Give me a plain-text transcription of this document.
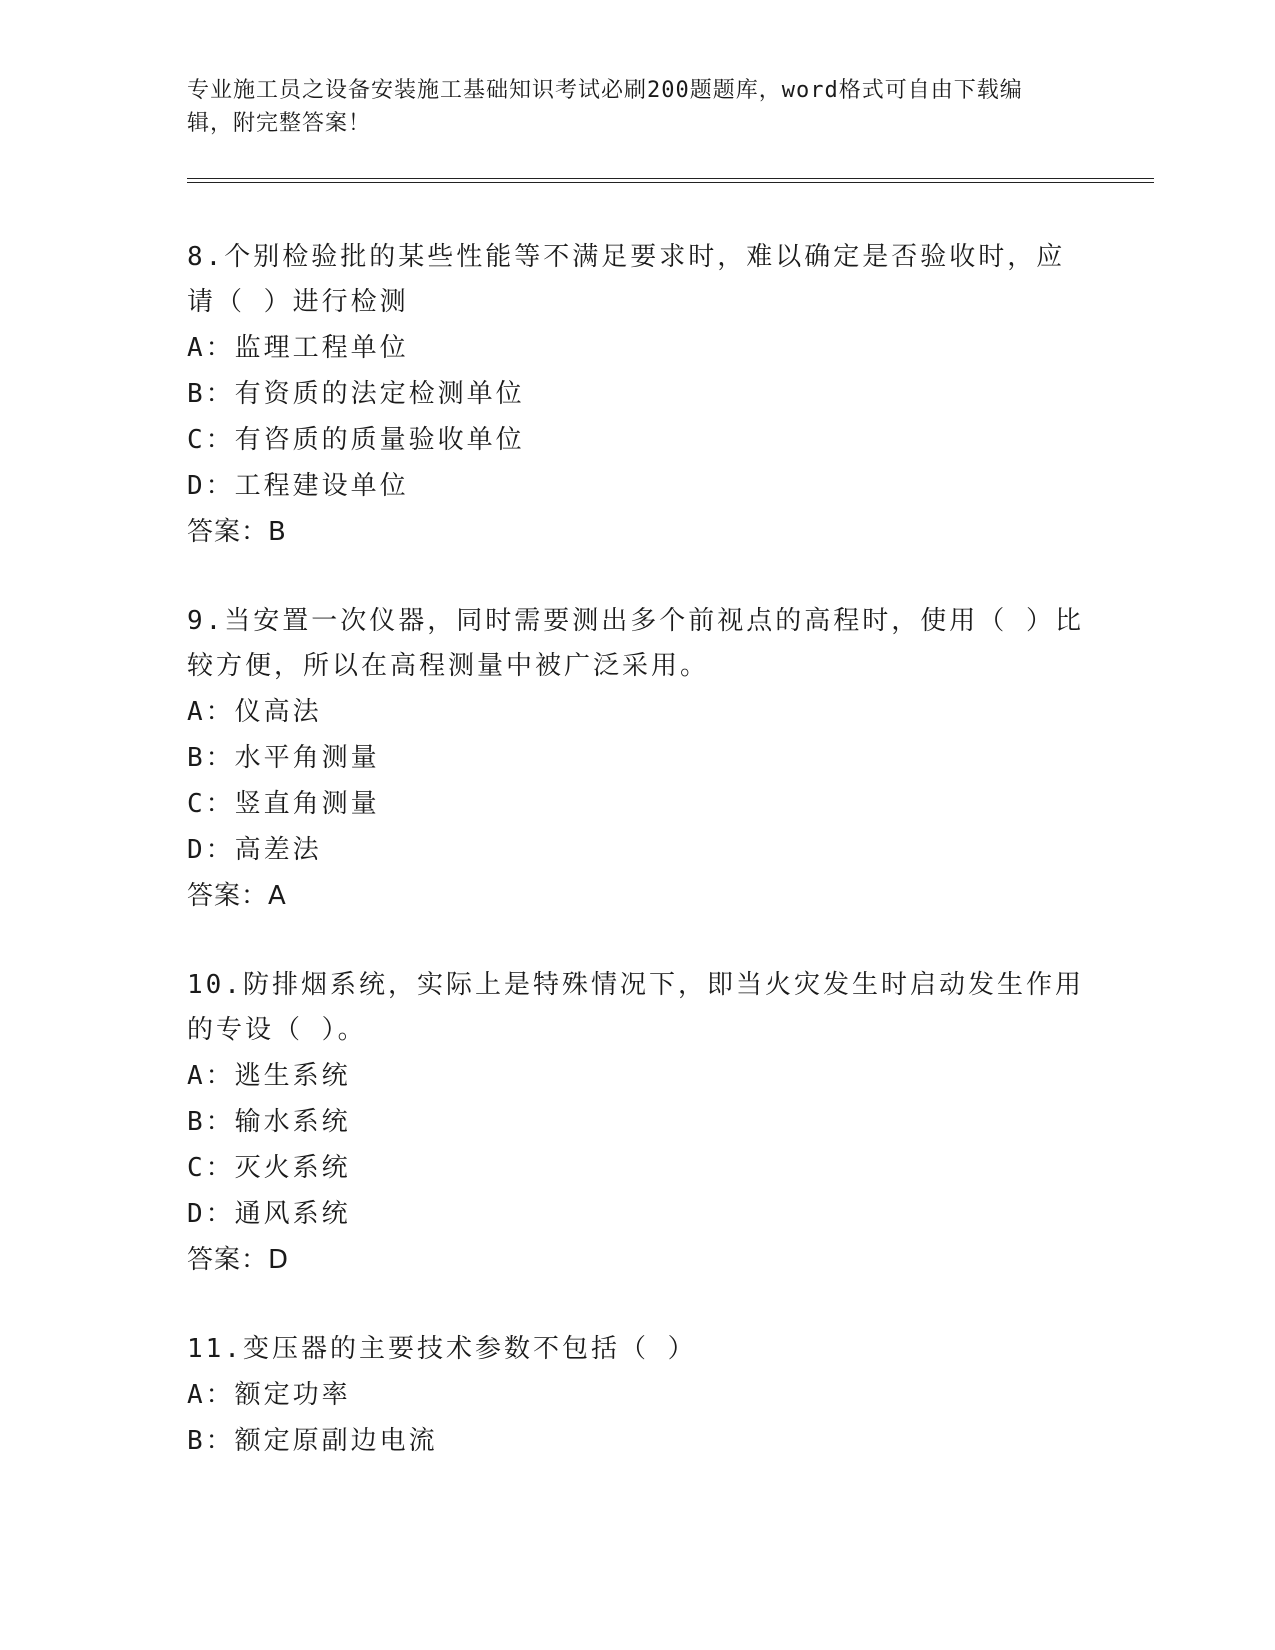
专业施工员之设备安装施工基础知识考试必刷200题题库，word格式可自由下载编辑，附完整答案！
8.个别检验批的某些性能等不满足要求时，难以确定是否验收时，应请（ ）进行检测
A：监理工程单位
B：有资质的法定检测单位
C：有咨质的质量验收单位
D：工程建设单位
答案：B
9.当安置一次仪器，同时需要测出多个前视点的高程时，使用（ ）比较方便，所以在高程测量中被广泛采用。
A：仪高法
B：水平角测量
C：竖直角测量
D：高差法
答案：A
10.防排烟系统，实际上是特殊情况下，即当火灾发生时启动发生作用的专设（ ）。
A：逃生系统
B：输水系统
C：灭火系统
D：通风系统
答案：D
11.变压器的主要技术参数不包括（ ）
A：额定功率
B：额定原副边电流
